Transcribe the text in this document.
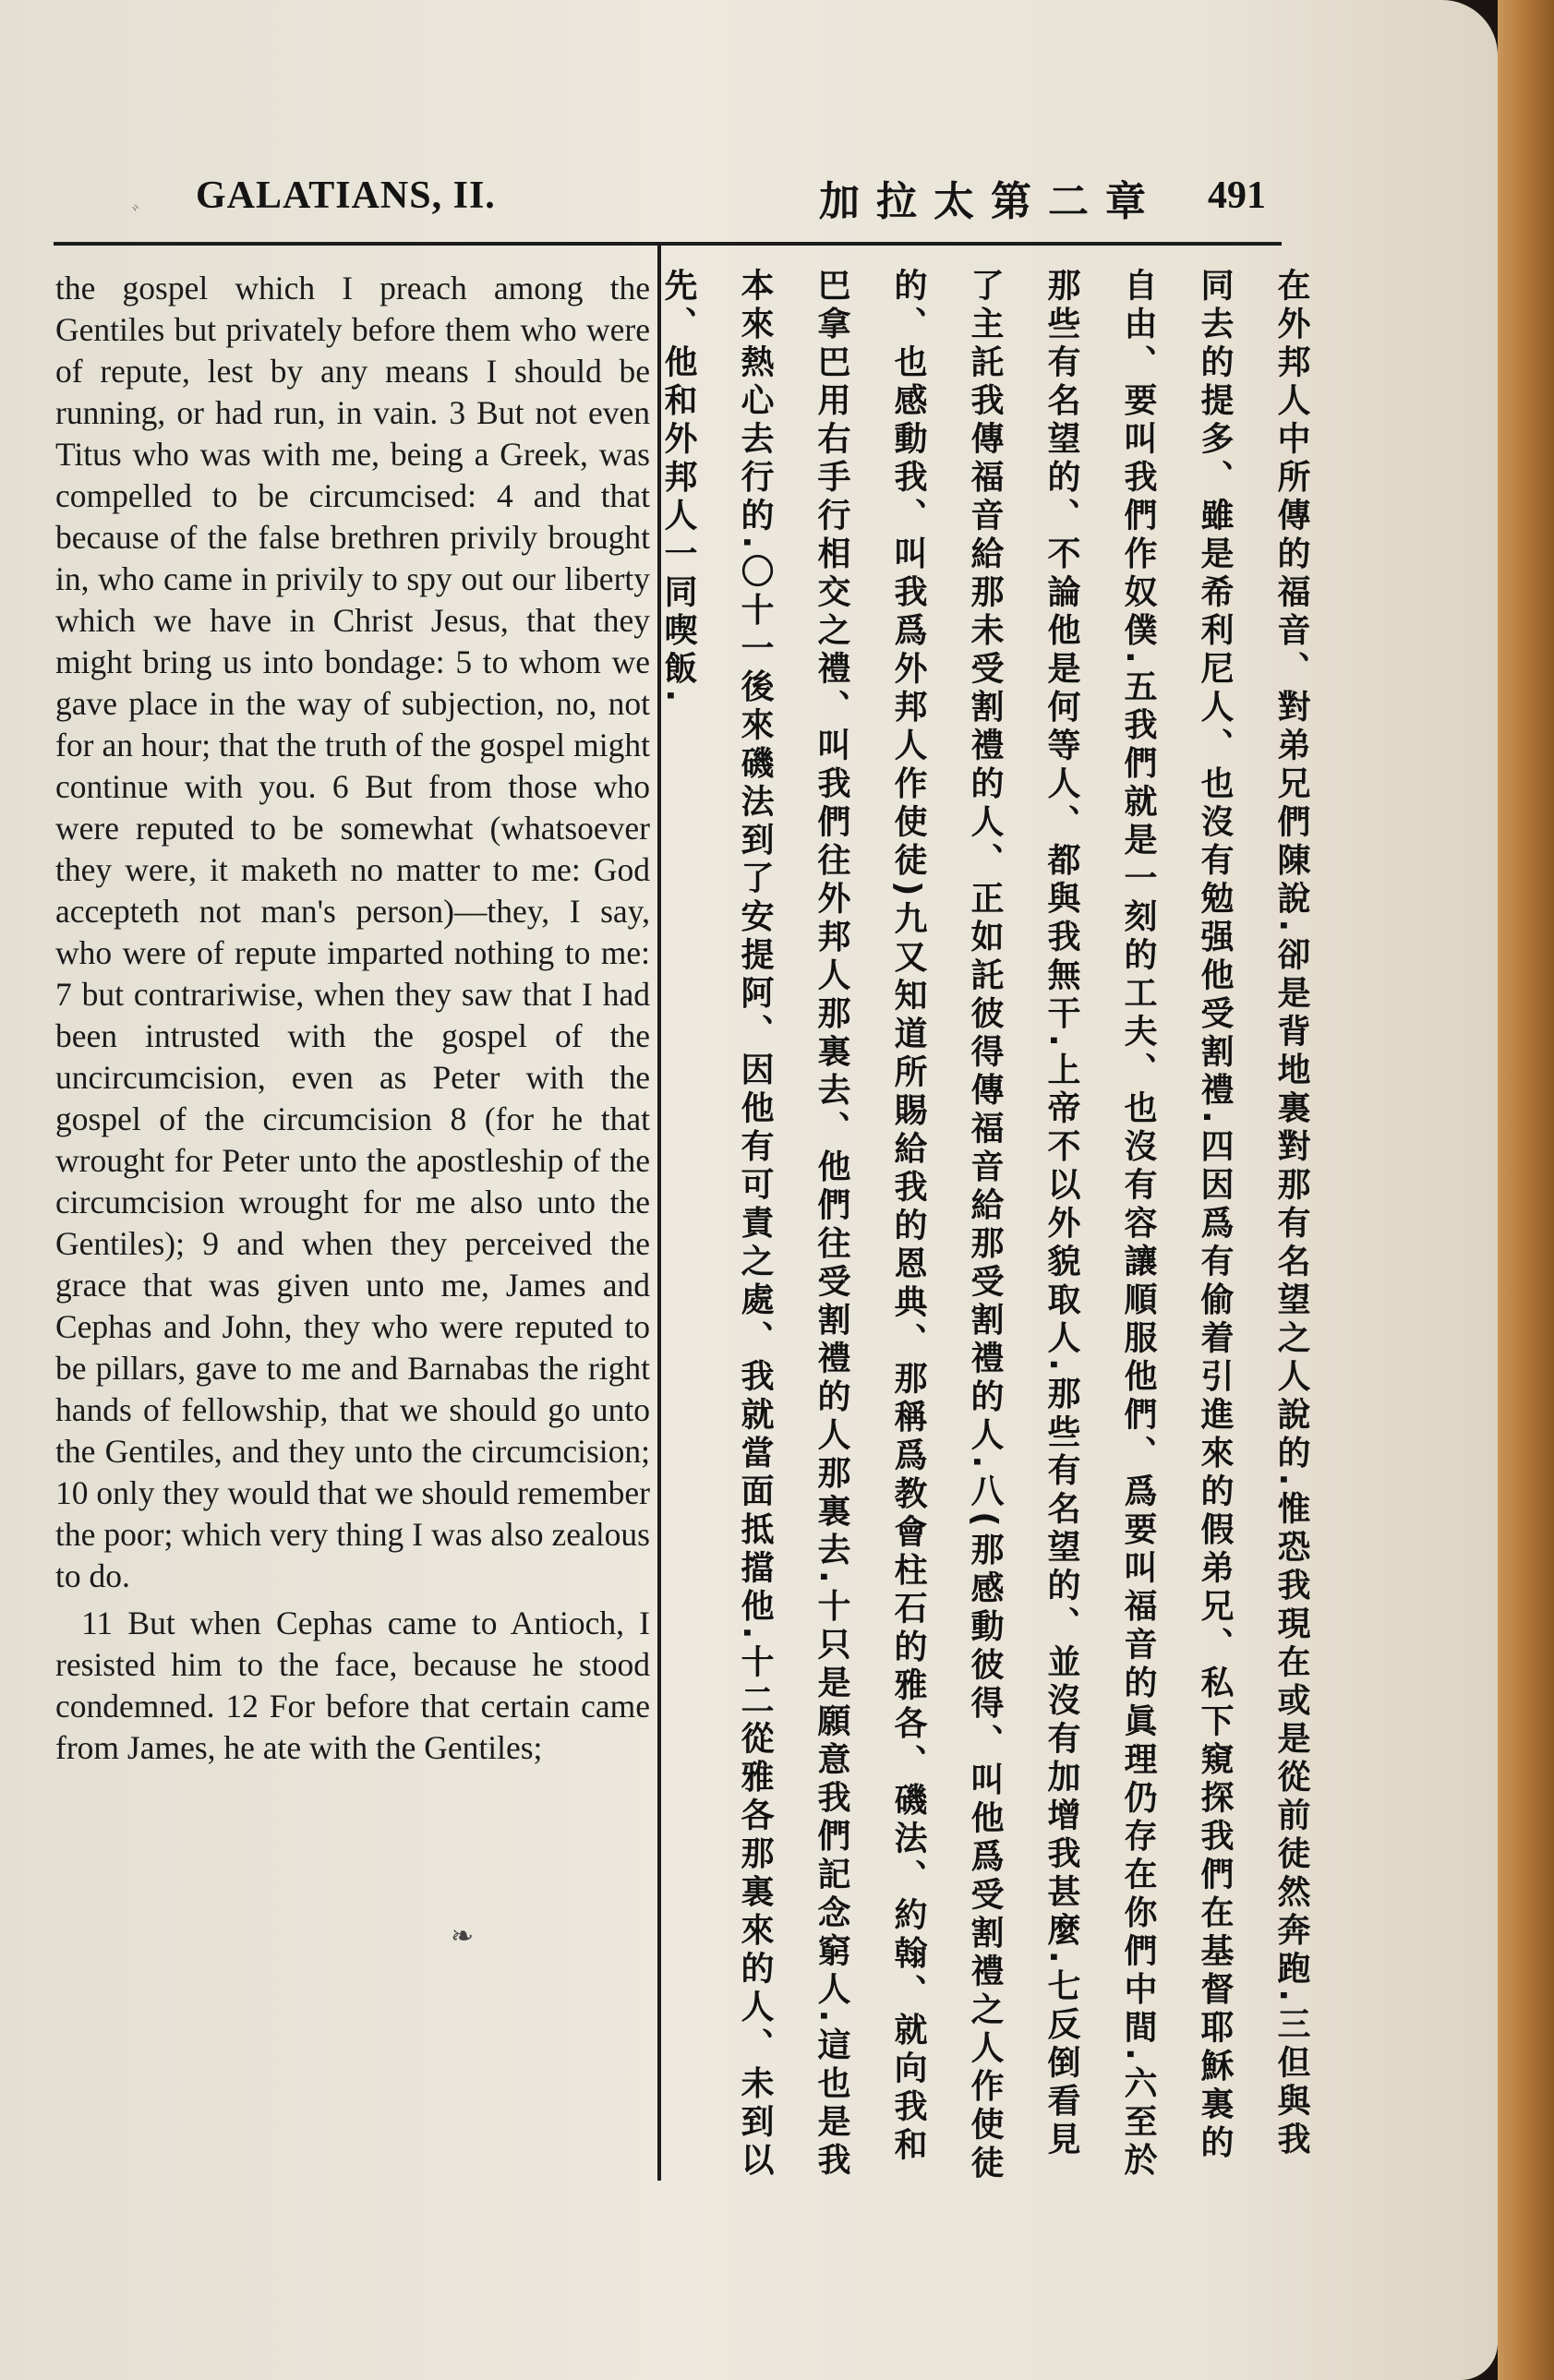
ﾞ
GALATIANS, II.	加拉太第二章 491

the gospel which I preach among the Gentiles but privately before them who were of repute, lest by any means I should be running, or had run, in vain. 3 But not even Titus who was with me, being a Greek, was compelled to be circumcised: 4 and that because of the false brethren privily brought in, who came in privily to spy out our liberty which we have in Christ Jesus, that they might bring us into bondage: 5 to whom we gave place in the way of subjection, no, not for an hour; that the truth of the gospel might continue with you. 6 But from those who were reputed to be somewhat (whatsoever they were, it maketh no matter to me: God accepteth not man's person)—they, I say, who were of repute imparted nothing to me: 7 but contrariwise, when they saw that I had been intrusted with the gospel of the uncircumcision, even as Peter with the gospel of the circumcision 8 (for he that wrought for Peter unto the apostleship of the circumcision wrought for me also unto the Gentiles); 9 and when they perceived the grace that was given unto me, James and Cephas and John, they who were reputed to be pillars, gave to me and Barnabas the right hands of fellowship, that we should go unto the Gentiles, and they unto the circumcision; 10 only they would that we should remember the poor; which very thing I was also zealous to do.

11 But when Cephas came to Antioch, I resisted him to the face, because he stood condemned. 12 For before that certain came from James, he ate with the Gentiles;

❧	在外邦人中所傳的福音、對弟兄們陳說.卻是背地裏對那有名望之人說的.惟恐我現在或是從前徒然奔跑.三但與我同去的提多、雖是希利尼人、也沒有勉强他受割禮.四因爲有偷着引進來的假弟兄、私下窺探我們在基督耶穌裏的自由、要叫我們作奴僕.五我們就是一刻的工夫、也沒有容讓順服他們、爲要叫福音的眞理仍存在你們中間.六至於那些有名望的、不論他是何等人、都與我無干.上帝不以外貌取人.那些有名望的、並沒有加增我甚麼.七反倒看見了主託我傳福音給那未受割禮的人、正如託彼得傳福音給那受割禮的人.八(那感動彼得、叫他爲受割禮之人作使徒的、也感動我、叫我爲外邦人作使徒)九又知道所賜給我的恩典、那稱爲教會柱石的雅各、磯法、約翰、就向我和巴拿巴用右手行相交之禮、叫我們往外邦人那裏去、他們往受割禮的人那裏去.十只是願意我們記念窮人.這也是我本來熱心去行的.〇十一後來磯法到了安提阿、因他有可責之處、我就當面抵擋他.十二從雅各那裏來的人、未到以先、他和外邦人一同喫飯.
